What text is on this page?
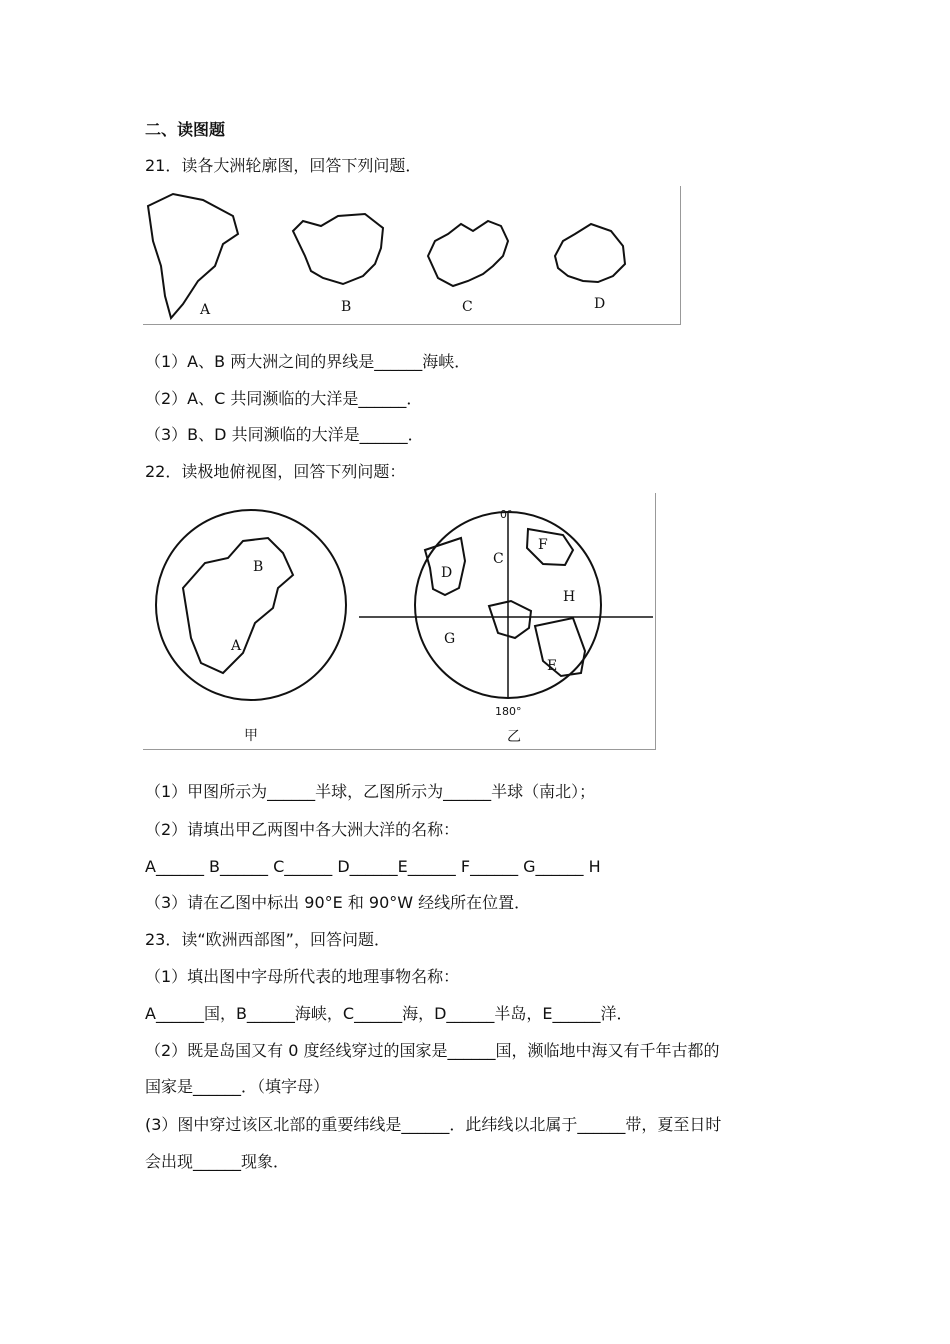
二、读图题
21．读各大洲轮廓图，回答下列问题．
A	B	C	D
（1）A、B 两大洲之间的界线是______海峡．
（2）A、C 共同濒临的大洋是______．
（3）B、D 共同濒临的大洋是______．
22．读极地俯视图，回答下列问题：
A
B
甲
0°
180°
C
D
E
F
G
H
乙
（1）甲图所示为______半球，乙图所示为______半球（南北）；
（2）请填出甲乙两图中各大洲大洋的名称：
A______ B______ C______ D______E______ F______ G______ H
（3）请在乙图中标出 90°E 和 90°W 经线所在位置．
23．读“欧洲西部图”，回答问题．
（1）填出图中字母所代表的地理事物名称：
A______国，B______海峡，C______海，D______半岛，E______洋．
（2）既是岛国又有 0 度经线穿过的国家是______国，濒临地中海又有千年古都的
国家是______．（填字母）
(3）图中穿过该区北部的重要纬线是______．此纬线以北属于______带，夏至日时
会出现______现象．
